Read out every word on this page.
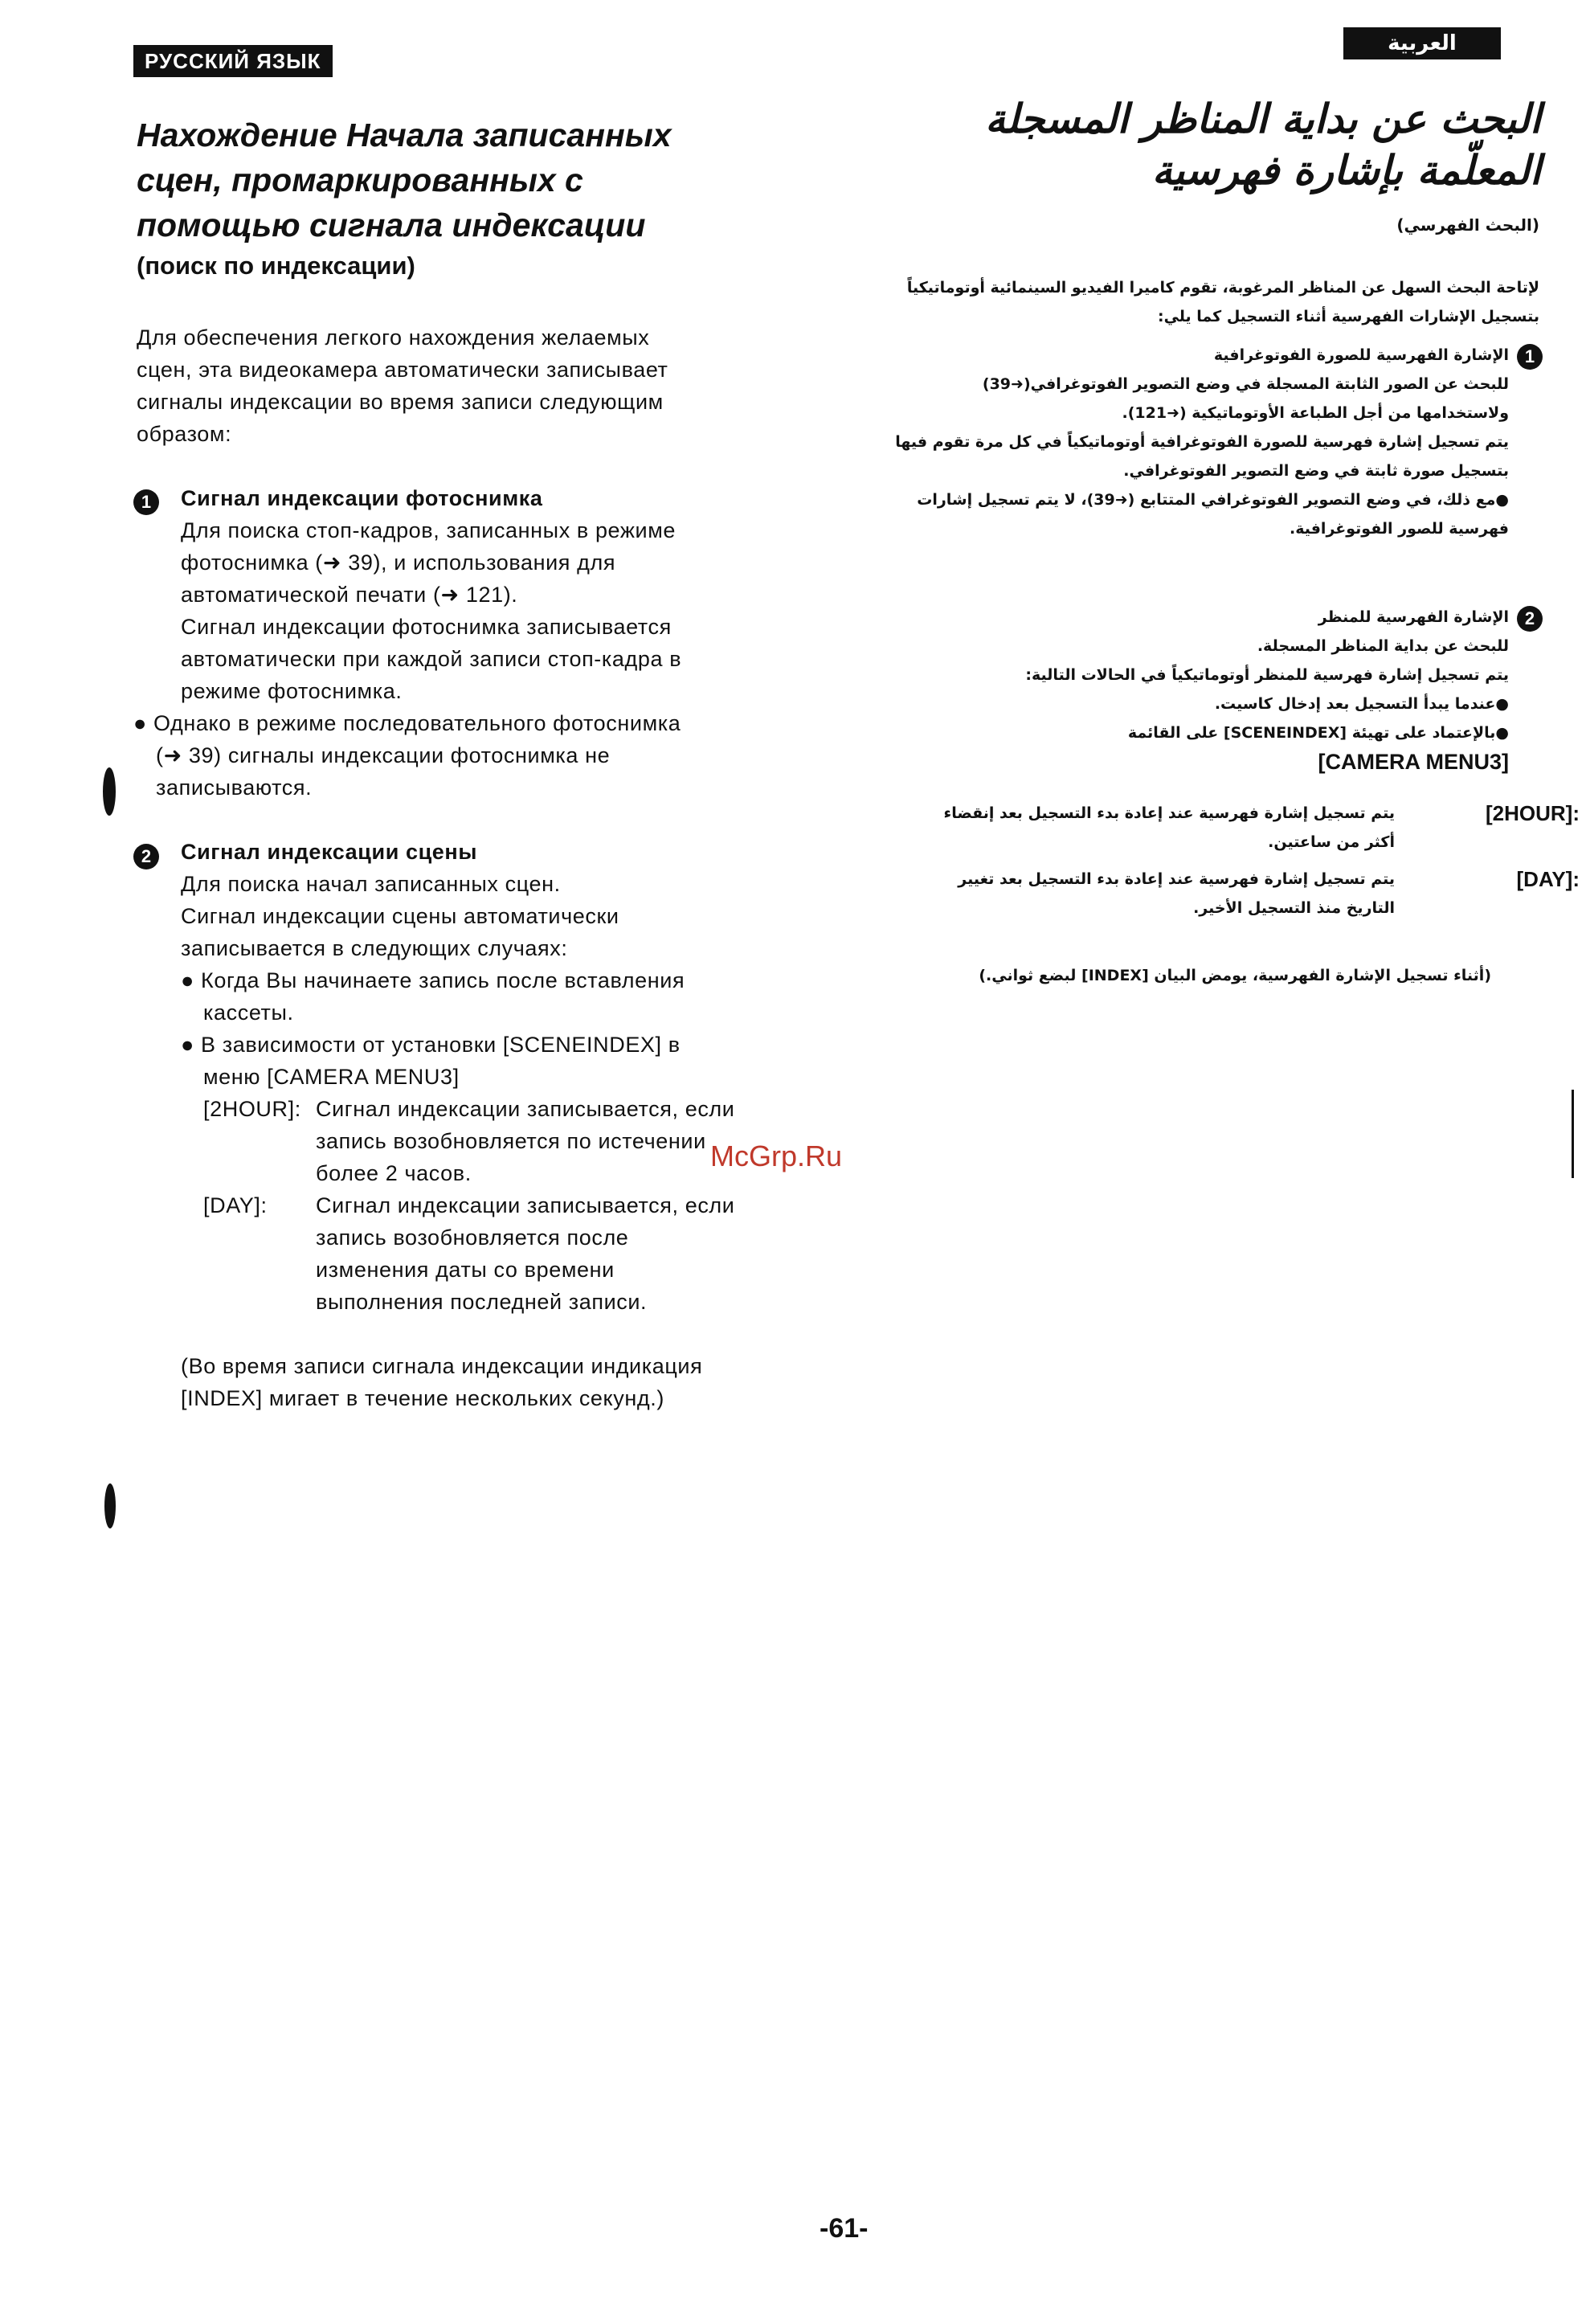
РУССКИЙ ЯЗЫК
Нахождение Начала записанных
сцен, промаркированных с
помощью сигнала индексации
(поиск по индексации)
Для обеспечения легкого нахождения желаемых
сцен, эта видеокамера автоматически записывает
сигналы индексации во время записи следующим
образом:
1	Сигнал индексации фотоснимка
Для поиска стоп-кадров, записанных в режиме
фотоснимка (➜ 39), и использования для
автоматической печати (➜ 121).
Сигнал индексации фотоснимка записывается
автоматически при каждой записи стоп-кадра в
режиме фотоснимка.
● Однако в режиме последовательного фотоснимка
(➜ 39) сигналы индексации фотоснимка не
записываются.
2	Сигнал индексации сцены
Для поиска начал записанных сцен.
Сигнал индексации сцены автоматически
записывается в следующих случаях:
● Когда Вы начинаете запись после вставления
кассеты.
● В зависимости от установки [SCENEINDEX] в
меню [CAMERA MENU3]
[2HOUR]: Сигнал индексации записывается, если
запись возобновляется по истечении
более 2 часов.
[DAY]: Сигнал индексации записывается, если
запись возобновляется после
изменения даты со времени
выполнения последней записи.
(Во время записи сигнала индексации индикация
[INDEX] мигает в течение нескольких секунд.)
العربية
البحث عن بداية المناظر المسجلة
المعلّمة بإشارة فهرسية
(البحث الفهرسي)
لإتاحة البحث السهل عن المناظر المرغوبة، تقوم كاميرا الفيديو السينمائية أوتوماتيكياً
بتسجيل الإشارات الفهرسية أثناء التسجيل كما يلي:
1
الإشارة الفهرسية للصورة الفوتوغرافية
للبحث عن الصور الثابتة المسجلة في وضع التصوير الفوتوغرافي(➜39)
ولاستخدامها من أجل الطباعة الأوتوماتيكية (➜121).
يتم تسجيل إشارة فهرسية للصورة الفوتوغرافية أوتوماتيكياً في كل مرة تقوم فيها
بتسجيل صورة ثابتة في وضع التصوير الفوتوغرافي.
●مع ذلك، في وضع التصوير الفوتوغرافي المتتابع (➜39)، لا يتم تسجيل إشارات
فهرسية للصور الفوتوغرافية.
2
الإشارة الفهرسية للمنظر
للبحث عن بداية المناظر المسجلة.
يتم تسجيل إشارة فهرسية للمنظر أوتوماتيكياً في الحالات التالية:
●عندما يبدأ التسجيل بعد إدخال كاسيت.
●بالإعتماد على تهيئة [SCENEINDEX] على القائمة
[CAMERA MENU3]
[2HOUR]:
يتم تسجيل إشارة فهرسية عند إعادة بدء التسجيل بعد إنقضاء
أكثر من ساعتين.
[DAY]:
يتم تسجيل إشارة فهرسية عند إعادة بدء التسجيل بعد تغيير
التاريخ منذ التسجيل الأخير.
(أثناء تسجيل الإشارة الفهرسية، يومض البيان [INDEX] لبضع ثواني.)
McGrp.Ru
-61-
